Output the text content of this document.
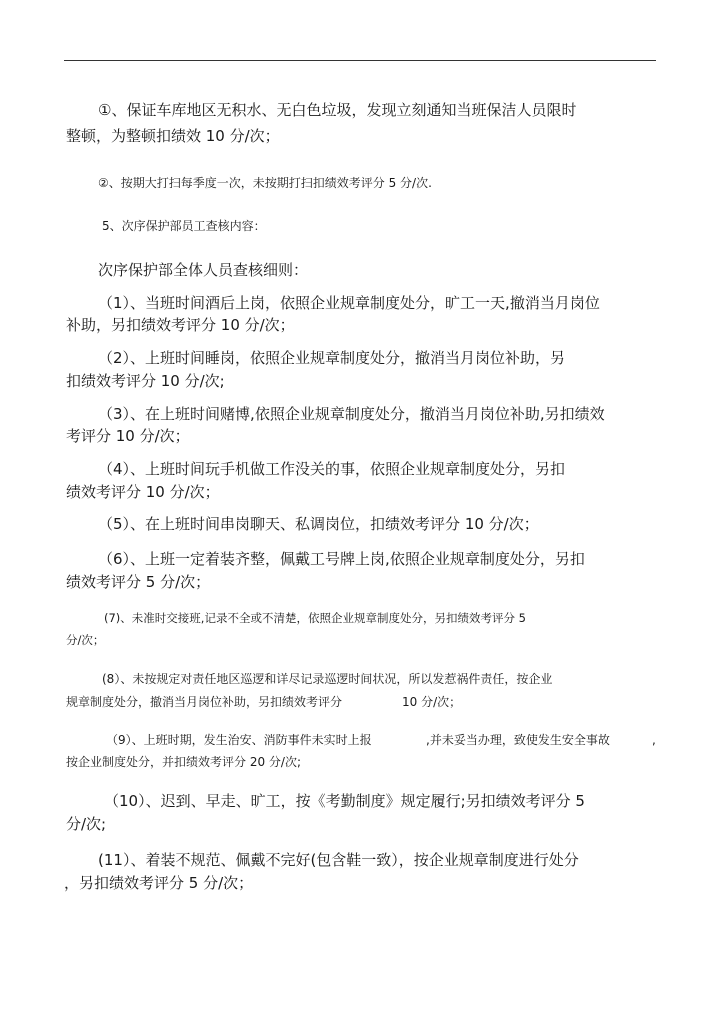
①、保证车库地区无积水、无白色垃圾，发现立刻通知当班保洁人员限时
整顿，为整顿扣绩效 10 分/次；
②、按期大打扫每季度一次，未按期打扫扣绩效考评分 5 分/次.
5、次序保护部员工查核内容：
次序保护部全体人员查核细则：
（1）、当班时间酒后上岗，依照企业规章制度处分，旷工一天,撤消当月岗位
补助，另扣绩效考评分 10 分/次；
（2）、上班时间睡岗，依照企业规章制度处分，撤消当月岗位补助，另
扣绩效考评分 10 分/次;
（3）、在上班时间赌博,依照企业规章制度处分，撤消当月岗位补助,另扣绩效
考评分 10 分/次；
（4）、上班时间玩手机做工作没关的事，依照企业规章制度处分，另扣
绩效考评分 10 分/次；
（5）、在上班时间串岗聊天、私调岗位，扣绩效考评分 10 分/次；
（6）、上班一定着装齐整，佩戴工号牌上岗,依照企业规章制度处分，另扣
绩效考评分 5 分/次；
(7)、未准时交接班,记录不全或不清楚，依照企业规章制度处分，另扣绩效考评分 5
分/次；
(8）、未按规定对责任地区巡逻和详尽记录巡逻时间状况，所以发惹祸件责任，按企业
规章制度处分，撤消当月岗位补助，另扣绩效考评分	10 分/次；
（9）、上班时期，发生治安、消防事件未实时上报	,并未妥当办理，致使发生安全事故	,
按企业制度处分，并扣绩效考评分 20 分/次;
（10）、迟到、早走、旷工，按《考勤制度》规定履行;另扣绩效考评分 5
分/次;
(11）、着装不规范、佩戴不完好(包含鞋一致），按企业规章制度进行处分
，另扣绩效考评分 5 分/次；
